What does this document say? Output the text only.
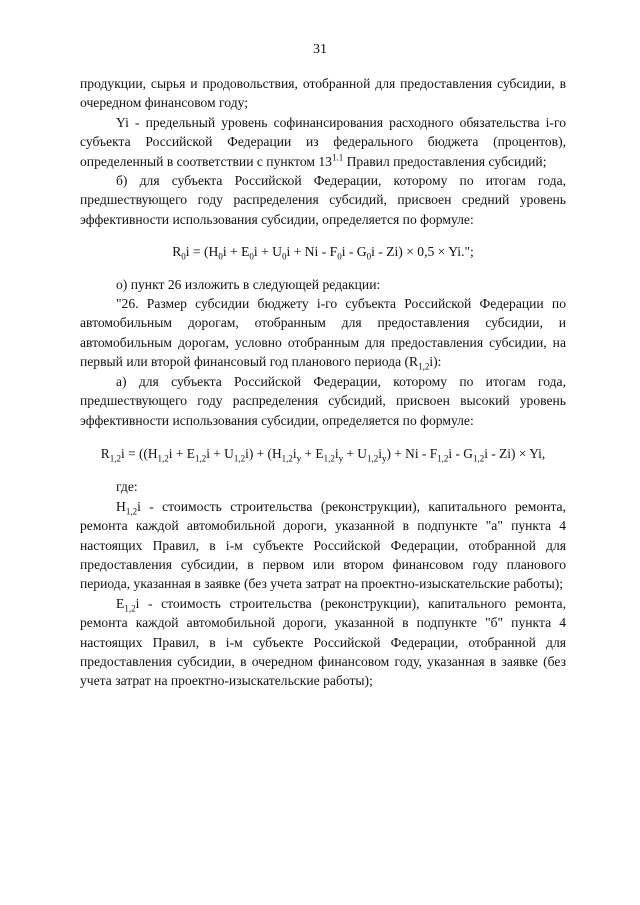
31

продукции, сырья и продовольствия, отобранной для предоставления субсидии, в очередном финансовом году;

Yi - предельный уровень софинансирования расходного обязательства i-го субъекта Российской Федерации из федерального бюджета (процентов), определенный в соответствии с пунктом $13^{1.1}$ Правил предоставления субсидий;

б) для субъекта Российской Федерации, которому по итогам года, предшествующего году распределения субсидий, присвоен средний уровень эффективности использования субсидии, определяется по формуле:

$R_0i = (H_0i + E_0i + U_0i + Ni - F_0i - G_0i - Zi) \times 0,5 \times Yi$.";

о) пункт 26 изложить в следующей редакции:

"26. Размер субсидии бюджету i-го субъекта Российской Федерации по автомобильным дорогам, отобранным для предоставления субсидии, и автомобильным дорогам, условно отобранным для предоставления субсидии, на первый или второй финансовый год планового периода $(R_{1,2}i)$:

а) для субъекта Российской Федерации, которому по итогам года, предшествующего году распределения субсидий, присвоен высокий уровень эффективности использования субсидии, определяется по формуле:

$R_{1,2}i = ((H_{1,2}i + E_{1,2}i + U_{1,2}i) + (H_{1,2}i_y + E_{1,2}i_y + U_{1,2}i_y) + Ni - F_{1,2}i - G_{1,2}i - Zi) \times Yi$,

где:

$H_{1,2}i$ - стоимость строительства (реконструкции), капитального ремонта, ремонта каждой автомобильной дороги, указанной в подпункте "а" пункта 4 настоящих Правил, в i-м субъекте Российской Федерации, отобранной для предоставления субсидии, в первом или втором финансовом году планового периода, указанная в заявке (без учета затрат на проектно-изыскательские работы);

$E_{1,2}i$ - стоимость строительства (реконструкции), капитального ремонта, ремонта каждой автомобильной дороги, указанной в подпункте "б" пункта 4 настоящих Правил, в i-м субъекте Российской Федерации, отобранной для предоставления субсидии, в очередном финансовом году, указанная в заявке (без учета затрат на проектно-изыскательские работы);
